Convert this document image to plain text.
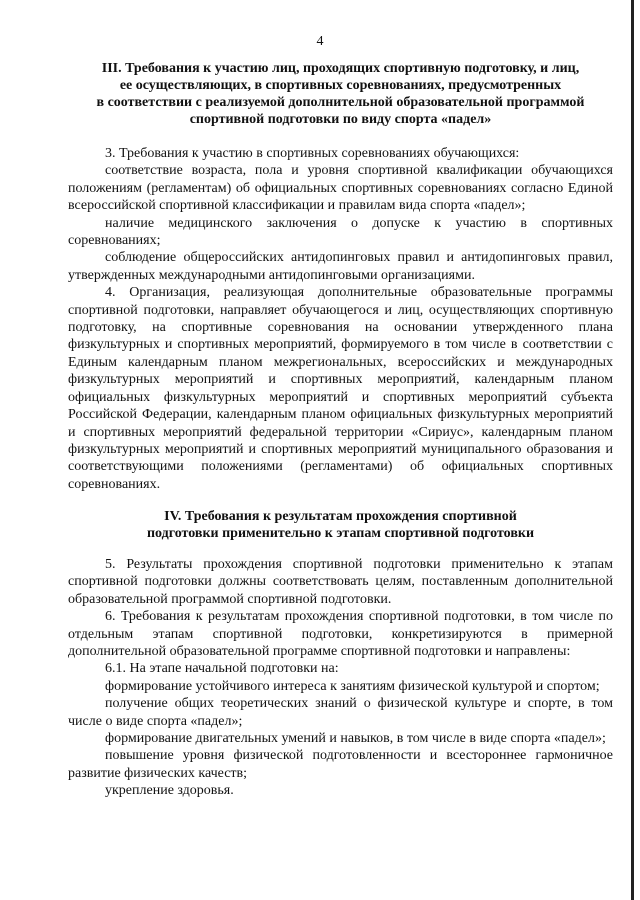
4
III. Требования к участию лиц, проходящих спортивную подготовку, и лиц,
ее осуществляющих, в спортивных соревнованиях, предусмотренных
в соответствии с реализуемой дополнительной образовательной программой
спортивной подготовки по виду спорта «падел»

3. Требования к участию в спортивных соревнованиях обучающихся:

соответствие возраста, пола и уровня спортивной квалификации обучающихся положениям (регламентам) об официальных спортивных соревнованиях согласно Единой всероссийской спортивной классификации и правилам вида спорта «падел»;

наличие медицинского заключения о допуске к участию в спортивных соревнованиях;

соблюдение общероссийских антидопинговых правил и антидопинговых правил, утвержденных международными антидопинговыми организациями.

4. Организация, реализующая дополнительные образовательные программы спортивной подготовки, направляет обучающегося и лиц, осуществляющих спортивную подготовку, на спортивные соревнования на основании утвержденного плана физкультурных и спортивных мероприятий, формируемого в том числе в соответствии с Единым календарным планом межрегиональных, всероссийских и международных физкультурных мероприятий и спортивных мероприятий, календарным планом официальных физкультурных мероприятий и спортивных мероприятий субъекта Российской Федерации, календарным планом официальных физкультурных мероприятий и спортивных мероприятий федеральной территории «Сириус», календарным планом физкультурных мероприятий и спортивных мероприятий муниципального образования и соответствующими положениями (регламентами) об официальных спортивных соревнованиях.

IV. Требования к результатам прохождения спортивной
подготовки применительно к этапам спортивной подготовки

5. Результаты прохождения спортивной подготовки применительно к этапам спортивной подготовки должны соответствовать целям, поставленным дополнительной образовательной программой спортивной подготовки.

6. Требования к результатам прохождения спортивной подготовки, в том числе по отдельным этапам спортивной подготовки, конкретизируются в примерной дополнительной образовательной программе спортивной подготовки и направлены:

6.1. На этапе начальной подготовки на:

формирование устойчивого интереса к занятиям физической культурой и спортом;

получение общих теоретических знаний о физической культуре и спорте, в том числе о виде спорта «падел»;

формирование двигательных умений и навыков, в том числе в виде спорта «падел»;

повышение уровня физической подготовленности и всестороннее гармоничное развитие физических качеств;

укрепление здоровья.
